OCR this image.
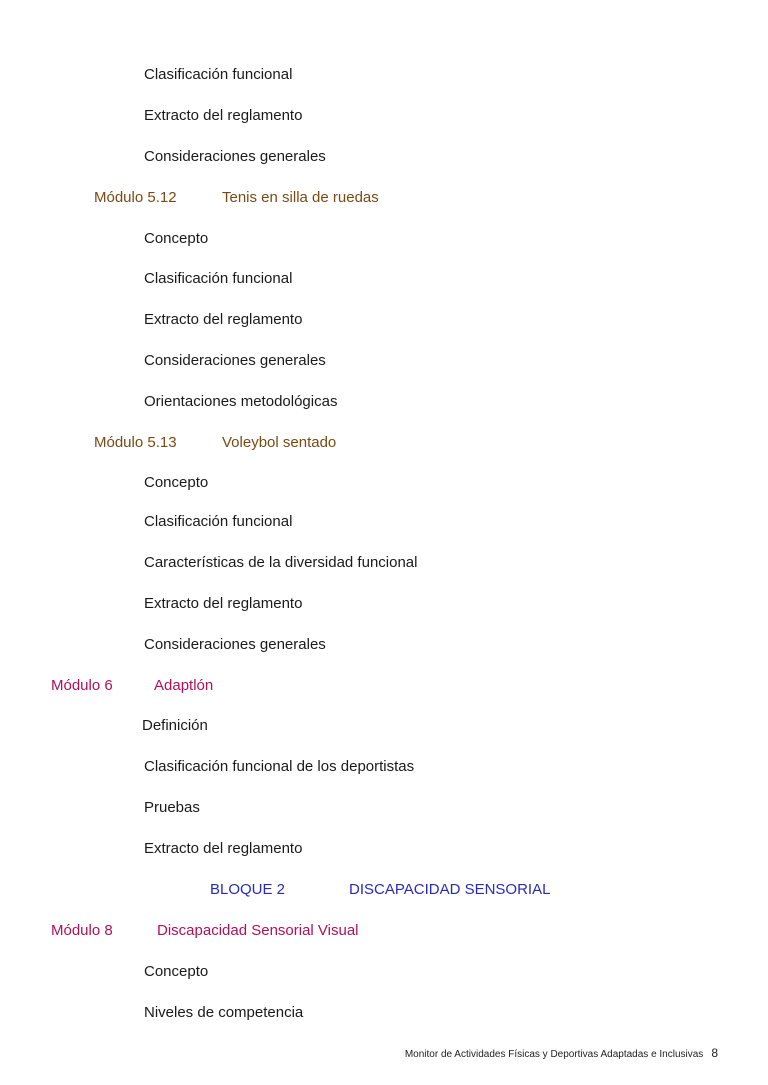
Clasificación funcional
Extracto del reglamento
Consideraciones generales
Módulo 5.12	Tenis en silla de ruedas
Concepto
Clasificación funcional
Extracto del reglamento
Consideraciones generales
Orientaciones metodológicas
Módulo 5.13	Voleybol sentado
Concepto
Clasificación funcional
Características de la diversidad funcional
Extracto del reglamento
Consideraciones generales
Módulo 6	Adaptlón
Definición
Clasificación funcional de los deportistas
Pruebas
Extracto del reglamento
BLOQUE 2	DISCAPACIDAD SENSORIAL
Módulo 8	Discapacidad Sensorial Visual
Concepto
Niveles de competencia
Monitor de Actividades Físicas y Deportivas Adaptadas e Inclusivas 8
